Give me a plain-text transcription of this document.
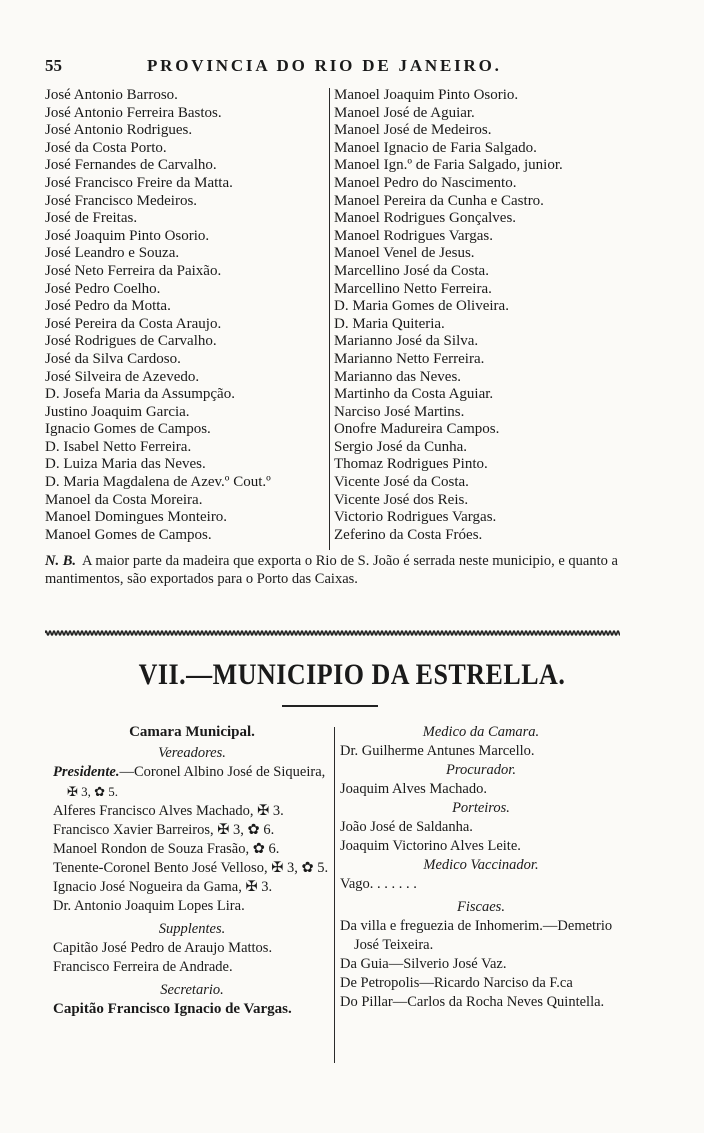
55	PROVINCIA DO RIO DE JANEIRO.
José Antonio Barroso.
José Antonio Ferreira Bastos.
José Antonio Rodrigues.
José da Costa Porto.
José Fernandes de Carvalho.
José Francisco Freire da Matta.
José Francisco Medeiros.
José de Freitas.
José Joaquim Pinto Osorio.
José Leandro e Souza.
José Neto Ferreira da Paixão.
José Pedro Coelho.
José Pedro da Motta.
José Pereira da Costa Araujo.
José Rodrigues de Carvalho.
José da Silva Cardoso.
José Silveira de Azevedo.
D. Josefa Maria da Assumpção.
Justino Joaquim Garcia.
Ignacio Gomes de Campos.
D. Isabel Netto Ferreira.
D. Luiza Maria das Neves.
D. Maria Magdalena de Azev.º Cout.º
Manoel da Costa Moreira.
Manoel Domingues Monteiro.
Manoel Gomes de Campos.
Manoel Joaquim Pinto Osorio.
Manoel José de Aguiar.
Manoel José de Medeiros.
Manoel Ignacio de Faria Salgado.
Manoel Ign.º de Faria Salgado, junior.
Manoel Pedro do Nascimento.
Manoel Pereira da Cunha e Castro.
Manoel Rodrigues Gonçalves.
Manoel Rodrigues Vargas.
Manoel Venel de Jesus.
Marcellino José da Costa.
Marcellino Netto Ferreira.
D. Maria Gomes de Oliveira.
D. Maria Quiteria.
Marianno José da Silva.
Marianno Netto Ferreira.
Marianno das Neves.
Martinho da Costa Aguiar.
Narciso José Martins.
Onofre Madureira Campos.
Sergio José da Cunha.
Thomaz Rodrigues Pinto.
Vicente José da Costa.
Vicente José dos Reis.
Victorio Rodrigues Vargas.
Zeferino da Costa Fróes.

N. B. A maior parte da madeira que exporta o Rio de S. João é serrada neste municipio, e quanto a mantimentos, são exportados para o Porto das Caixas.

VII.—MUNICIPIO DA ESTRELLA.
Camara Municipal.
Vereadores.

Presidente.—Coronel Albino José de Siqueira, ✠ 3, ✿ 5.

Alferes Francisco Alves Machado, ✠ 3.

Francisco Xavier Barreiros, ✠ 3, ✿ 6.

Manoel Rondon de Souza Frasão, ✿ 6.

Tenente-Coronel Bento José Velloso, ✠ 3, ✿ 5.

Ignacio José Nogueira da Gama, ✠ 3.

Dr. Antonio Joaquim Lopes Lira.

Supplentes.

Capitão José Pedro de Araujo Mattos.

Francisco Ferreira de Andrade.

Secretario.

Capitão Francisco Ignacio de Vargas.

Medico da Camara.

Dr. Guilherme Antunes Marcello.

Procurador.

Joaquim Alves Machado.

Porteiros.

João José de Saldanha.

Joaquim Victorino Alves Leite.

Medico Vaccinador.

Vago. . . . . . .

Fiscaes.

Da villa e freguezia de Inhomerim.—Demetrio José Teixeira.

Da Guia—Silverio José Vaz.

De Petropolis—Ricardo Narciso da F.ca

Do Pillar—Carlos da Rocha Neves Quintella.
